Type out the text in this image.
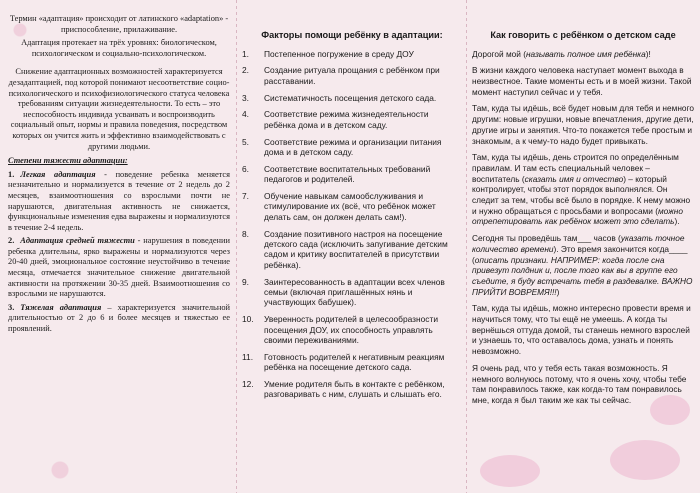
Термин «адаптация» происходит от латинского «adaptation» - приспособление, прилаживание.

Адаптация протекает на трёх уровнях: биологическом, психологическом и социально-психологическом.

Снижение адаптационных возможностей характеризуется дезадаптацией, под которой понимают несоответствие социо-психологического и психофизиологического статуса человека требованиям ситуации жизнедеятельности. То есть – это неспособность индивида усваивать и воспроизводить социальный опыт, нормы и правила поведения, посредством которых он учится жить и эффективно взаимодействовать с другими людьми.

Степени тяжести адаптации:
1. Легкая адаптация - поведение ребенка меняется незначительно и нормализуется в течение от 2 недель до 2 месяцев, взаимоотношения со взрослыми почти не нарушаются, двигательная активность не снижается, функциональные изменения едва выражены и нормализуются в течение 2-4 недель.
2. Адаптация средней тяжести - нарушения в поведении ребенка длительны, ярко выражены и нормализуются через 20-40 дней, эмоциональное состояние неустойчиво в течение месяца, отмечается значительное снижение двигательной активности на протяжении 30-35 дней. Взаимоотношения со взрослыми не нарушаются.
3. Тяжелая адаптация – характеризуется значительной длительностью от 2 до 6 и более месяцев и тяжестью ее проявлений.
Факторы помощи ребёнку в адаптации:
1.	Постепенное погружение в среду ДОУ
2.	Создание ритуала прощания с ребёнком при расставании.
3.	Систематичность посещения детского сада.
4.	Соответствие режима жизнедеятельности ребёнка дома и в детском саду.
5.	Соответствие режима и организации питания дома и в детском саду.
6.	Соответствие воспитательных требований педагогов и родителей.
7.	Обучение навыкам самообслуживания и стимулирование их (всё, что ребёнок может делать сам, он должен делать сам!).
8.	Создание позитивного настроя на посещение детского сада (исключить запугивание детским садом и критику воспитателей в присутствии ребёнка).
9.	Заинтересованность в адаптации всех членов семьи (включая приглашённых нянь и участвующих бабушек).
10.	Уверенность родителей в целесообразности посещения ДОУ, их способность управлять своими переживаниями.
11.	Готовность родителей к негативным реакциям ребёнка на посещение детского сада.
12.	Умение родителя быть в контакте с ребёнком, разговаривать с ним, слушать и слышать его.
Как говорить с ребёнком о детском саде

Дорогой мой (называть полное имя ребёнка)!

В жизни каждого человека наступает момент выхода в неизвестное. Такие моменты есть и в моей жизни. Такой момент наступил сейчас и у тебя.

Там, куда ты идёшь, всё будет новым для тебя и немного другим: новые игрушки, новые впечатления, другие дети, другие игры и занятия. Что-то покажется тебе простым и знакомым, а к чему-то надо будет привыкать.

Там, куда ты идёшь, день строится по определённым правилам. И там есть специальный человек – воспитатель (сказать имя и отчество) – который контролирует, чтобы этот порядок выполнялся. Он следит за тем, чтобы всё было в порядке. К нему можно и нужно обращаться с просьбами и вопросами (можно отрепетировать как ребёнок может это сделать).

Сегодня ты проведёшь там___ часов (указать точное количество времени). Это время закончится когда____ (описать признаки. НАПРИМЕР: когда после сна привезут полдник и, после того как вы в группе его съедите, я буду встречать тебя в раздевалке. ВАЖНО ПРИЙТИ ВОВРЕМЯ!!!)

Там, куда ты идёшь, можно интересно провести время и научиться тому, что ты ещё не умеешь. А когда ты вернёшься оттуда домой, ты станешь немного взрослей и узнаешь то, что оставалось дома, узнать и понять невозможно.

Я очень рад, что у тебя есть такая возможность. Я немного волнуюсь потому, что я очень хочу, чтобы тебе там понравилось также, как когда-то там понравилось мне, когда я был таким же как ты сейчас.
